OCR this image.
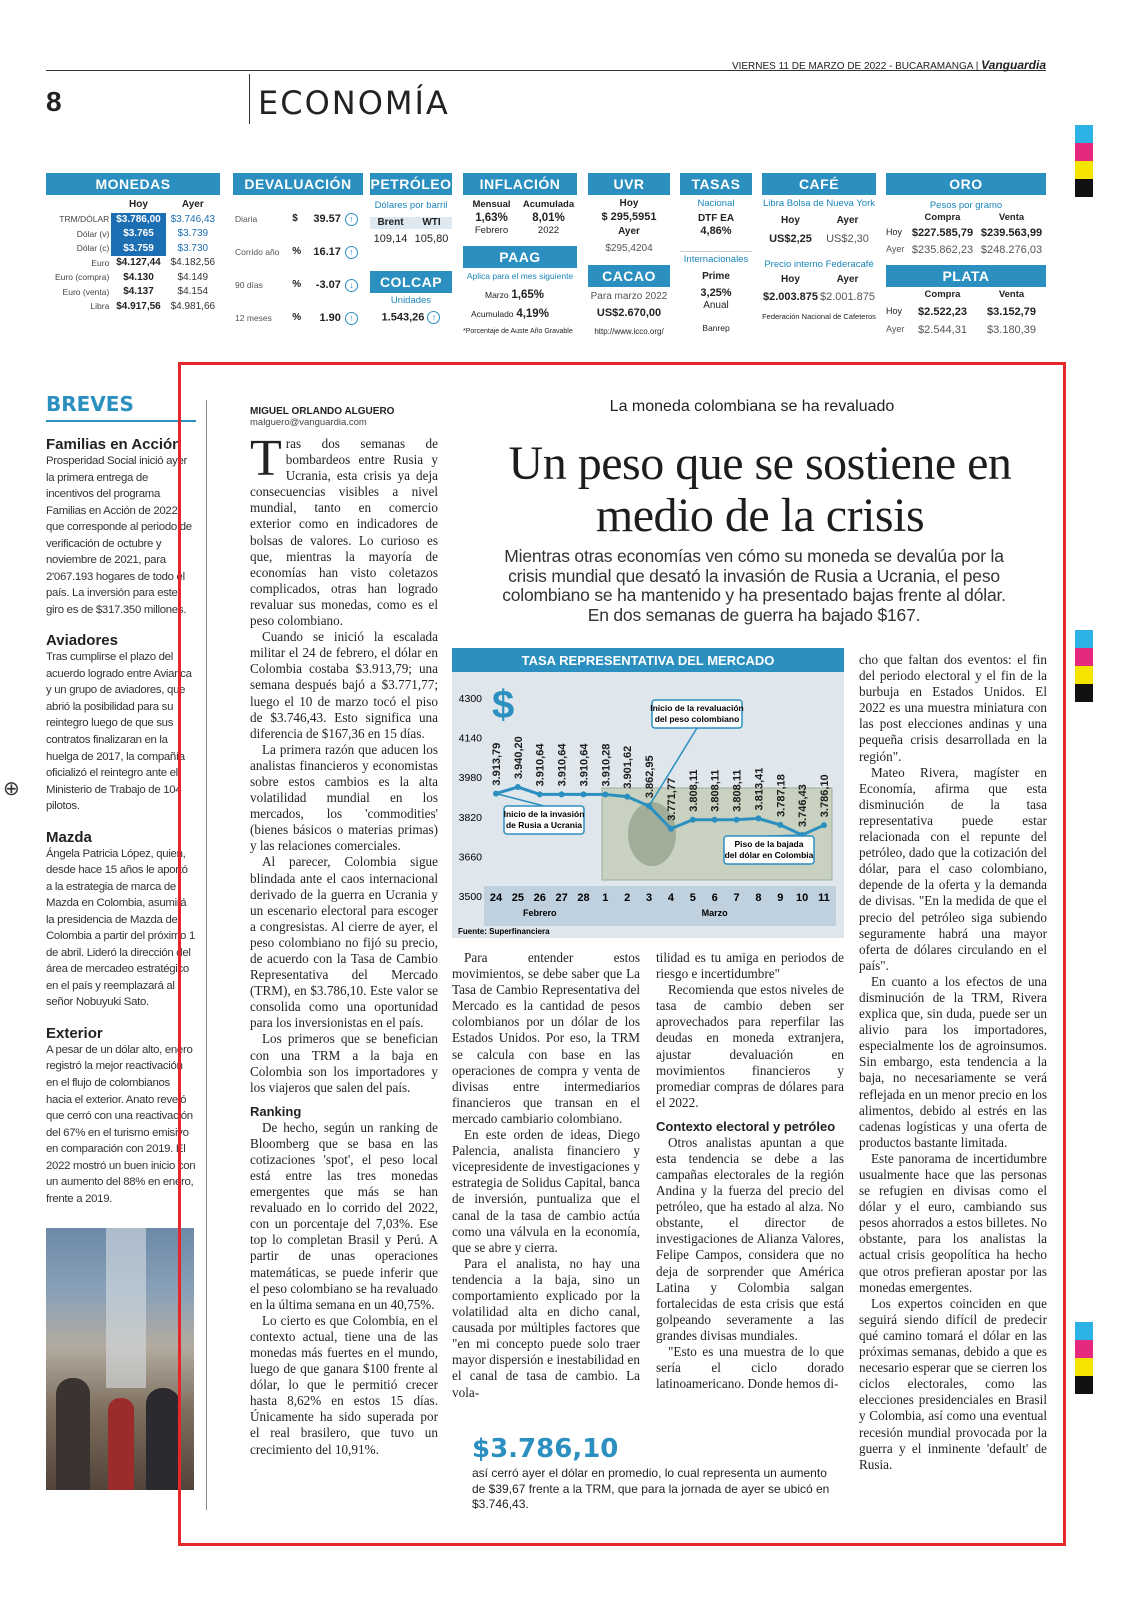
8	ECONOMÍA
VIERNES 11 DE MARZO DE 2022 - BUCARAMANGA | Vanguardia
⊕
MONEDAS
	Hoy	Ayer
TRM/DÓLAR	$3.786,00	$3.746,43
Dólar (v)	$3.765	$3.739
Dólar (c)	$3.759	$3.730
Euro	$4.127,44	$4.182,56
Euro (compra)	$4.130	$4.149
Euro (venta)	$4.137	$4.154
Libra	$4.917,56	$4.981,66
DEVALUACIÓN
Diaria	$	39.57	↑
Corrido año	%	16.17	↑
90 días	%	-3.07	↓
12 meses	%	1.90	↑
PETRÓLEO
Dólares por barril
Brent	WTI
109,14 105,80
COLCAP
Unidades
1.543,26 ↑
INFLACIÓN
Mensual	Acumulada
1,63%	8,01%
Febrero	2022
PAAG
Aplica para el mes siguiente
Marzo 1,65%
Acumulado 4,19%
*Porcentaje de Auste Año Gravable
UVR
Hoy
$ 295,5951
Ayer
$295,4204
CACAO
Para marzo 2022
US$2.670,00
http://www.icco.org/
TASAS
Nacional
DTF EA
4,86%
Internacionales
Prime
3,25%
Anual
Banrep
CAFÉ
Libra Bolsa de Nueva York
Hoy	Ayer
US$2,25	US$2,30
Precio interno Federacafé
Hoy	Ayer
$2.003.875 $2.001.875
Federación Nacional de Cafeteros
ORO
Pesos por gramo
Compra	Venta
Hoy $227.585,79 $239.563,99
Ayer $235.862,23 $248.276,03
PLATA
Compra	Venta
Hoy	$2.522,23	$3.152,79
Ayer	$2.544,31	$3.180,39
BREVES
Familias en Acción

Prosperidad Social inició ayer la primera entrega de incentivos del programa Familias en Acción de 2022, que corresponde al periodo de verificación de octubre y noviembre de 2021, para 2'067.193 hogares de todo el país. La inversión para este giro es de $317.350 millones.

Aviadores

Tras cumplirse el plazo del acuerdo logrado entre Avianca y un grupo de aviadores, que abrió la posibilidad para su reintegro luego de que sus contratos finalizaran en la huelga de 2017, la compañía oficializó el reintegro ante el Ministerio de Trabajo de 104 pilotos.

Mazda

Ángela Patricia López, quien, desde hace 15 años le aportó a la estrategia de marca de Mazda en Colombia, asumirá la presidencia de Mazda de Colombia a partir del próximo 1 de abril. Lideró la dirección del área de mercadeo estratégico en el país y reemplazará al señor Nobuyuki Sato.

Exterior

A pesar de un dólar alto, enero registró la mejor reactivación en el flujo de colombianos hacia el exterior. Anato reveló que cerró con una reactivación del 67% en el turismo emisivo en comparación con 2019. El 2022 mostró un buen inicio con un aumento del 88% en enero, frente a 2019.

MIGUEL ORLANDO ALGUERO
malguero@vanguardia.com
La moneda colombiana se ha revaluado
Un peso que se sostiene en medio de la crisis
Mientras otras economías ven cómo su moneda se devalúa por la crisis mundial que desató la invasión de Rusia a Ucrania, el peso colombiano se ha mantenido y ha presentado bajas frente al dólar. En dos semanas de guerra ha bajado $167.

Tras dos semanas de bombardeos entre Rusia y Ucrania, esta crisis ya deja consecuencias visibles a nivel mundial, tanto en comercio exterior como en indicadores de bolsas de valores. Lo curioso es que, mientras la mayoría de economías han visto coletazos complicados, otras han logrado revaluar sus monedas, como es el peso colombiano.

Cuando se inició la escalada militar el 24 de febrero, el dólar en Colombia costaba $3.913,79; una semana después bajó a $3.771,77; luego el 10 de marzo tocó el piso de $3.746,43. Esto significa una diferencia de $167,36 en 15 días.

La primera razón que aducen los analistas financieros y economistas sobre estos cambios es la alta volatilidad mundial en los mercados, los 'commodities' (bienes básicos o materias primas) y las relaciones comerciales.

Al parecer, Colombia sigue blindada ante el caos internacional derivado de la guerra en Ucrania y un escenario electoral para escoger a congresistas. Al cierre de ayer, el peso colombiano no fijó su precio, de acuerdo con la Tasa de Cambio Representativa del Mercado (TRM), en $3.786,10. Este valor se consolida como una oportunidad para los inversionistas en el país.

Los primeros que se benefician con una TRM a la baja en Colombia son los importadores y los viajeros que salen del país.

Ranking

De hecho, según un ranking de Bloomberg que se basa en las cotizaciones 'spot', el peso local está entre las tres monedas emergentes que más se han revaluado en lo corrido del 2022, con un porcentaje del 7,03%. Ese top lo completan Brasil y Perú. A partir de unas operaciones matemáticas, se puede inferir que el peso colombiano se ha revaluado en la última semana en un 40,75%.

Lo cierto es que Colombia, en el contexto actual, tiene una de las monedas más fuertes en el mundo, luego de que ganara $100 frente al dólar, lo que le permitió crecer hasta 8,62% en estos 15 días. Únicamente ha sido superada por el real brasilero, que tuvo un crecimiento del 10,91%.

Para entender estos movimientos, se debe saber que La Tasa de Cambio Representativa del Mercado es la cantidad de pesos colombianos por un dólar de los Estados Unidos. Por eso, la TRM se calcula con base en las operaciones de compra y venta de divisas entre intermediarios financieros que transan en el mercado cambiario colombiano.

En este orden de ideas, Diego Palencia, analista financiero y vicepresidente de investigaciones y estrategia de Solidus Capital, banca de inversión, puntualiza que el canal de la tasa de cambio actúa como una válvula en la economía, que se abre y cierra.

Para el analista, no hay una tendencia a la baja, sino un comportamiento explicado por la volatilidad alta en dicho canal, causada por múltiples factores que "en mi concepto puede solo traer mayor dispersión e inestabilidad en el canal de tasa de cambio. La vola-

tilidad es tu amiga en periodos de riesgo e incertidumbre"

Recomienda que estos niveles de tasa de cambio deben ser aprovechados para reperfilar las deudas en moneda extranjera, ajustar devaluación en movimientos financieros y promediar compras de dólares para el 2022.

Contexto electoral y petróleo

Otros analistas apuntan a que esta tendencia se debe a las campañas electorales de la región Andina y la fuerza del precio del petróleo, que ha estado al alza. No obstante, el director de investigaciones de Alianza Valores, Felipe Campos, considera que no deja de sorprender que América Latina y Colombia salgan fortalecidas de esta crisis que está golpeando severamente a las grandes divisas mundiales.

"Esto es una muestra de lo que sería el ciclo dorado latinoamericano. Donde hemos di-

cho que faltan dos eventos: el fin del periodo electoral y el fin de la burbuja en Estados Unidos. El 2022 es una muestra miniatura con las post elecciones andinas y una pequeña crisis desarrollada en la región".

Mateo Rivera, magíster en Economía, afirma que esta disminución de la tasa representativa puede estar relacionada con el repunte del petróleo, dado que la cotización del dólar, para el caso colombiano, depende de la oferta y la demanda de divisas. "En la medida de que el precio del petróleo siga subiendo seguramente habrá una mayor oferta de dólares circulando en el país".

En cuanto a los efectos de una disminución de la TRM, Rivera explica que, sin duda, puede ser un alivio para los importadores, especialmente los de agroinsumos. Sin embargo, esta tendencia a la baja, no necesariamente se verá reflejada en un menor precio en los alimentos, debido al estrés en las cadenas logísticas y una oferta de productos bastante limitada.

Este panorama de incertidumbre usualmente hace que las personas se refugien en divisas como el dólar y el euro, cambiando sus pesos ahorrados a estos billetes. No obstante, para los analistas la actual crisis geopolítica ha hecho que otros prefieran apostar por las monedas emergentes.

Los expertos coinciden en que seguirá siendo difícil de predecir qué camino tomará el dólar en las próximas semanas, debido a que es necesario esperar que se cierren los ciclos electorales, como las elecciones presidenciales en Brasil y Colombia, así como una eventual recesión mundial provocada por la guerra y el inminente 'default' de Rusia.

TASA REPRESENTATIVA DEL MERCADO
$
4300
4140
3980
3820
3660
3500 24 25 26 27 28 1 2 3 4 5 6 7 8 9 10 11
Febrero	Marzo
3.913,79 3.940,20 3.910,64 3.910,64 3.910,64 3.910,28 3.901,62 3.862,95
3.771,77 3.808,11 3.808,11 3.808,11 3.813,41 3.787,18 3.746,43 3.786,10
Inicio de la invasión de Rusia a Ucrania
Inicio de la revaluación del peso colombiano
Piso de la bajada del dólar en Colombia
Fuente: Superfinanciera
$3.786,10
así cerró ayer el dólar en promedio, lo cual representa un aumento de $39,67 frente a la TRM, que para la jornada de ayer se ubicó en $3.746,43.
